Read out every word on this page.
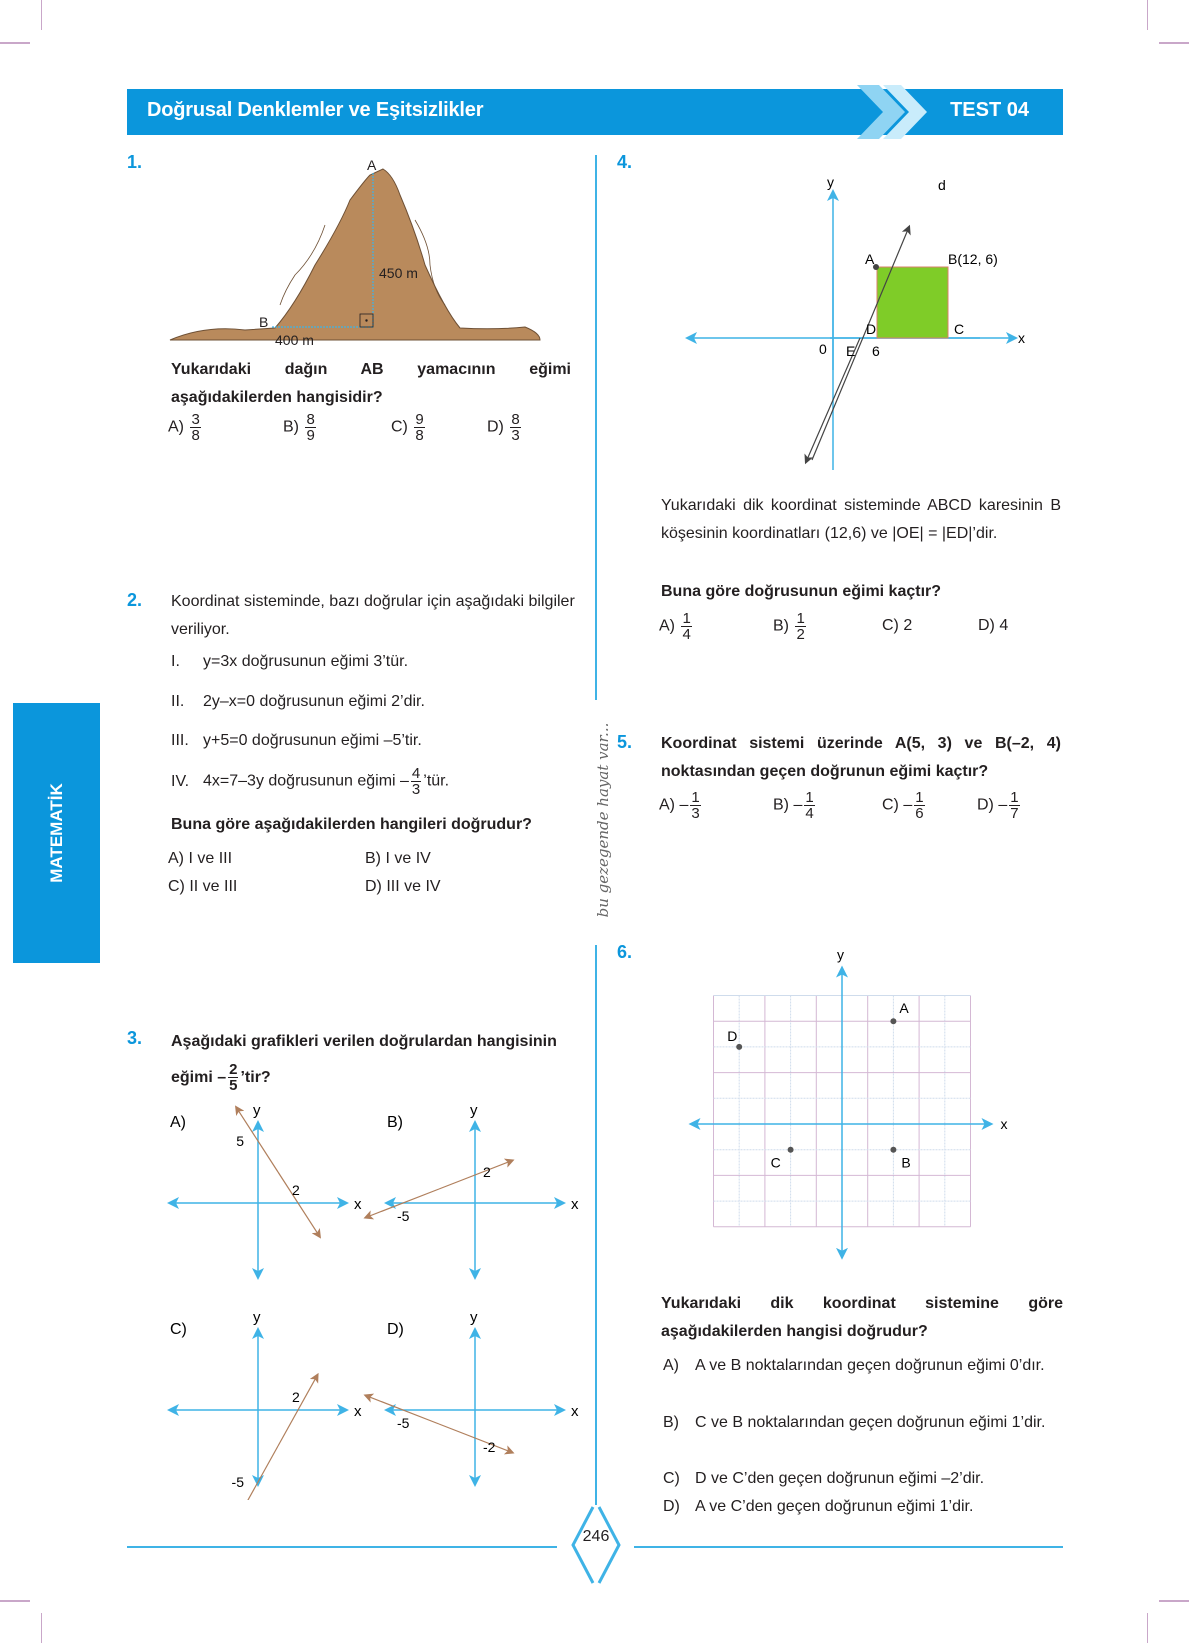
Doğrusal Denklemler ve Eşitsizlikler	TEST 04
MATEMATİK	bu gezegende hayat var...
1.	A
B
450 m
400 m
Yukarıdaki dağın AB yamacının eğimi aşağıdakilerden hangisidir?
$A) \frac{3}{8}$	$B) \frac{8}{9}$	$C) \frac{9}{8}$	$D) \frac{8}{3}$
2. Koordinat sisteminde, bazı doğrular için aşağıdaki bilgiler veriliyor.
I. y=3x doğrusunun eğimi 3’tür.
II. 2y–x=0 doğrusunun eğimi 2’dir.
III. y+5=0 doğrusunun eğimi –5’tir.
IV. 4x=7–3y doğrusunun eğimi – $\frac{4}{3}$ ’tür.
Buna göre aşağıdakilerden hangileri doğrudur?
A) I ve III	B) I ve IV
C) II ve III	D) III ve IV
3. Aşağıdaki grafikleri verilen doğrulardan hangisinin eğimi – $\frac{2}{5}$ ’tir?
A)
x
y
2
5
B)
x
y
-5
2
C)
x
y
2
-5
D)
x
y
-5
-2
4.
y	d
A	B(12, 6)
D	C
x
0 E 6
Yukarıdaki dik koordinat sisteminde ABCD karesinin B köşesinin koordinatları (12,6) ve |OE| = |ED|’dir.
Buna göre doğrusunun eğimi kaçtır?
$A) \frac{1}{4}$	$B) \frac{1}{2}$	C) 2	D) 4
5. Koordinat sistemi üzerinde A(5, 3) ve B(–2, 4) noktasından geçen doğrunun eğimi kaçtır?
$A) - \frac{1}{3}$	$B) - \frac{1}{4}$	$C) - \frac{1}{6}$	$D) - \frac{1}{7}$
6.
x
y
A
B
C
D
Yukarıdaki dik koordinat sistemine göre aşağıdakilerden hangisi doğrudur?
A) A ve B noktalarından geçen doğrunun eğimi 0’dır.
B) C ve B noktalarından geçen doğrunun eğimi 1’dir.
C) D ve C’den geçen doğrunun eğimi –2’dir.
D) A ve C’den geçen doğrunun eğimi 1’dir.
246
